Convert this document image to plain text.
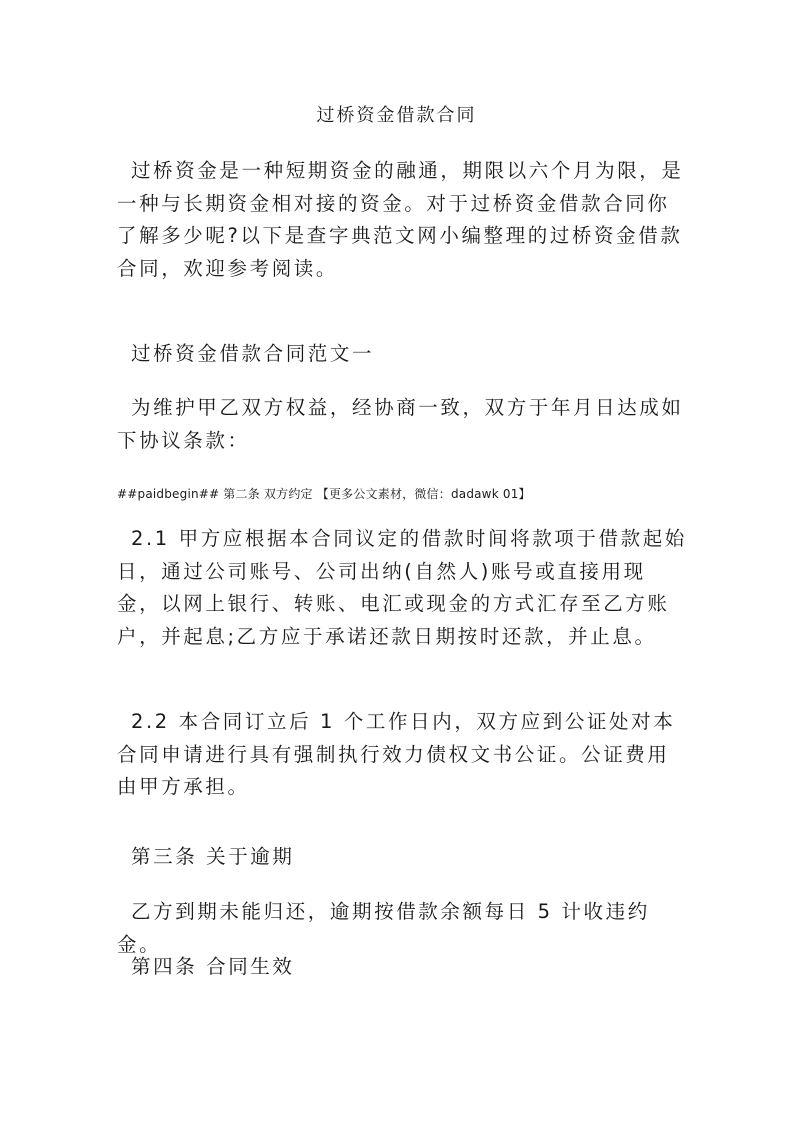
过桥资金借款合同

过桥资金是一种短期资金的融通，期限以六个月为限，是一种与长期资金相对接的资金。对于过桥资金借款合同你了解多少呢?以下是查字典范文网小编整理的过桥资金借款合同，欢迎参考阅读。

过桥资金借款合同范文一

为维护甲乙双方权益，经协商一致，双方于年月日达成如下协议条款：

##paidbegin## 第二条 双方约定 【更多公文素材，微信：dadawk 01】

2.1 甲方应根据本合同议定的借款时间将款项于借款起始日，通过公司账号、公司出纳(自然人)账号或直接用现金，以网上银行、转账、电汇或现金的方式汇存至乙方账户，并起息;乙方应于承诺还款日期按时还款，并止息。

2.2 本合同订立后 1 个工作日内，双方应到公证处对本合同申请进行具有强制执行效力债权文书公证。公证费用由甲方承担。

第三条 关于逾期

乙方到期未能归还，逾期按借款余额每日 5 计收违约金。

第四条 合同生效
